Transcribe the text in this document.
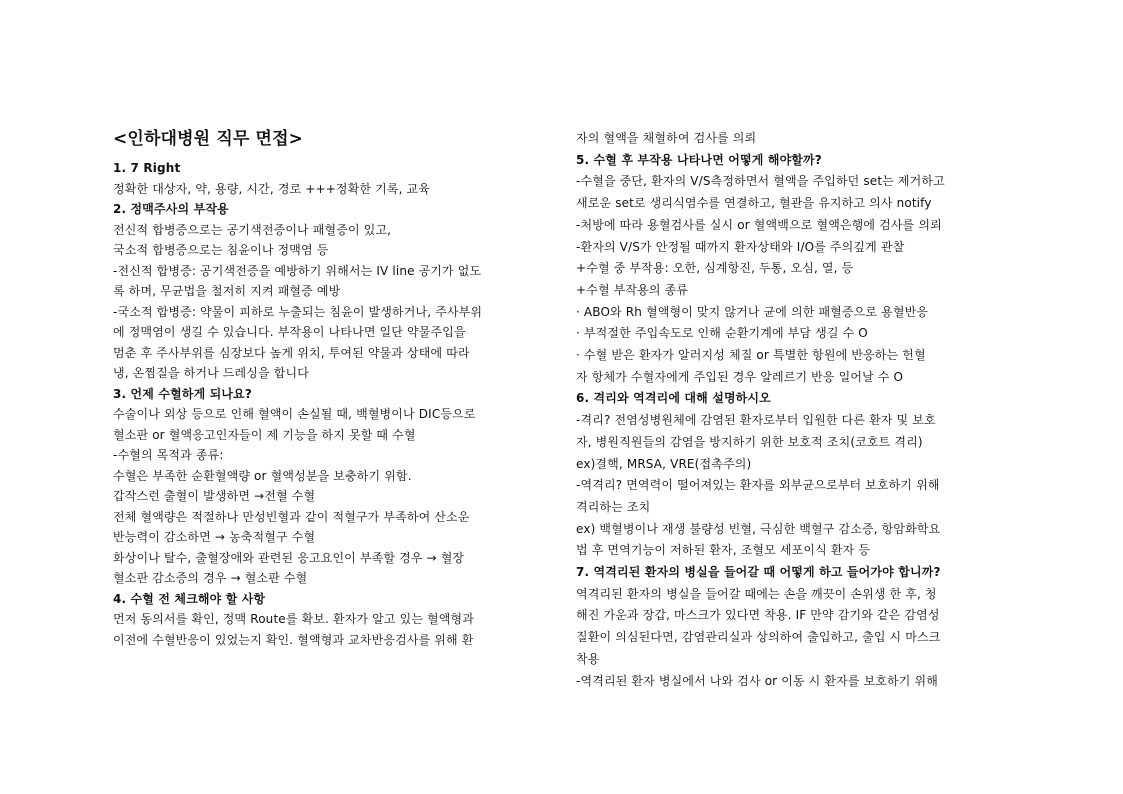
<인하대병원 직무 면접>
1. 7 Right
정확한 대상자, 약, 용량, 시간, 경로 +++정확한 기록, 교육
2. 정맥주사의 부작용
전신적 합병증으로는 공기색전증이나 패혈증이 있고,
국소적 합병증으로는 침윤이나 정맥염 등
-전신적 합병증: 공기색전증을 예방하기 위해서는 IV line 공기가 없도
록 하며, 무균법을 철저히 지켜 패혈증 예방
-국소적 합병증: 약물이 피하로 누출되는 침윤이 발생하거나, 주사부위
에 정맥염이 생길 수 있습니다. 부작용이 나타나면 일단 약물주입을
멈춘 후 주사부위를 심장보다 높게 위치, 투여된 약물과 상태에 따라
냉, 온찜질을 하거나 드레싱을 합니다
3. 언제 수혈하게 되나요?
수술이나 외상 등으로 인해 혈액이 손실될 때, 백혈병이나 DIC등으로
혈소판 or 혈액응고인자들이 제 기능을 하지 못할 때 수혈
-수혈의 목적과 종류:
수혈은 부족한 순환혈액량 or 혈액성분을 보충하기 위함.
갑작스런 출혈이 발생하면 →전혈 수혈
전체 혈액량은 적절하나 만성빈혈과 같이 적혈구가 부족하여 산소운
반능력이 감소하면 → 농축적혈구 수혈
화상이나 탈수, 출혈장애와 관련된 응고요인이 부족할 경우 → 혈장
혈소판 감소증의 경우 → 혈소판 수혈
4. 수혈 전 체크해야 할 사항
먼저 동의서를 확인, 정맥 Route를 확보. 환자가 알고 있는 혈액형과
이전에 수혈반응이 있었는지 확인. 혈액형과 교차반응검사를 위해 환
자의 혈액을 채혈하여 검사를 의뢰
5. 수혈 후 부작용 나타나면 어떻게 해야할까?
-수혈을 중단, 환자의 V/S측정하면서 혈액을 주입하던 set는 제거하고
새로운 set로 생리식염수를 연결하고, 혈관을 유지하고 의사 notify
-처방에 따라 용혈검사를 실시 or 혈액백으로 혈액은행에 검사를 의뢰
-환자의 V/S가 안정될 때까지 환자상태와 I/O를 주의깊게 관찰
+수혈 중 부작용: 오한, 심계항진, 두통, 오심, 열, 등
+수혈 부작용의 종류
· ABO와 Rh 혈액형이 맞지 않거나 균에 의한 패혈증으로 용혈반응
· 부적절한 주입속도로 인해 순환기계에 부담 생길 수 O
· 수혈 받은 환자가 알러지성 체질 or 특별한 항원에 반응하는 헌혈
자 항체가 수혈자에게 주입된 경우 알레르기 반응 일어날 수 O
6. 격리와 역격리에 대해 설명하시오
-격리? 전염성병원체에 감염된 환자로부터 입원한 다른 환자 및 보호
자, 병원직원들의 감염을 방지하기 위한 보호적 조치(코호트 격리)
ex)결핵, MRSA, VRE(접촉주의)
-역격리? 면역력이 떨어져있는 환자를 외부균으로부터 보호하기 위해
격리하는 조치
ex) 백혈병이나 재생 불량성 빈혈, 극심한 백혈구 감소증, 항암화학요
법 후 면역기능이 저하된 환자, 조혈모 세포이식 환자 등
7. 역격리된 환자의 병실을 들어갈 때 어떻게 하고 들어가야 합니까?
역격리된 환자의 병실을 들어갈 때에는 손을 깨끗이 손위생 한 후, 청
해진 가운과 장갑, 마스크가 있다면 착용. IF 만약 감기와 같은 감염성
질환이 의심된다면, 감염관리실과 상의하여 출입하고, 출입 시 마스크
착용
-역격리된 환자 병실에서 나와 검사 or 이동 시 환자를 보호하기 위해
